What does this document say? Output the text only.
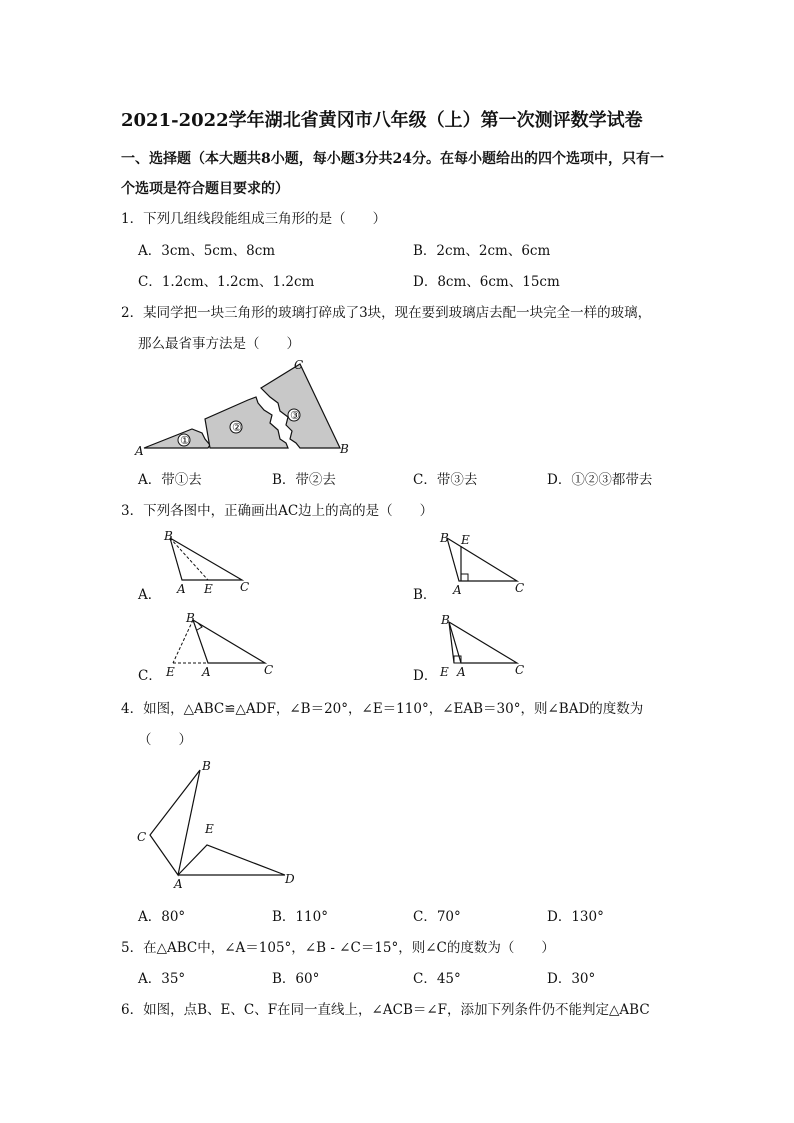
2021-2022学年湖北省黄冈市八年级（上）第一次测评数学试卷
一、选择题（本大题共8小题，每小题3分共24分。在每小题给出的四个选项中，只有一
个选项是符合题目要求的）
1．下列几组线段能组成三角形的是（　　）
A．3cm、5cm、8cm	B．2cm、2cm、6cm
C．1.2cm、1.2cm、1.2cm	D．8cm、6cm、15cm
2．某同学把一块三角形的玻璃打碎成了3块，现在要到玻璃店去配一块完全一样的玻璃，
那么最省事方法是（　　）
①
②
③
A	B
C
A．带①去	B．带②去	C．带③去	D．①②③都带去
3．下列各图中，正确画出AC边上的高的是（　　）
A．
B
A E C	B．
B E
A	C
C．
B
E A	C	D．
B
E A	C
4．如图，△ABC≌△ADF，∠B＝20°，∠E＝110°，∠EAB＝30°，则∠BAD的度数为
（　　）
B
C
E
A	D
A．80°	B．110°	C．70°	D．130°
5．在△ABC中，∠A＝105°，∠B - ∠C＝15°，则∠C的度数为（　　）
A．35°	B．60°	C．45°	D．30°
6．如图，点B、E、C、F在同一直线上，∠ACB＝∠F，添加下列条件仍不能判定△ABC
